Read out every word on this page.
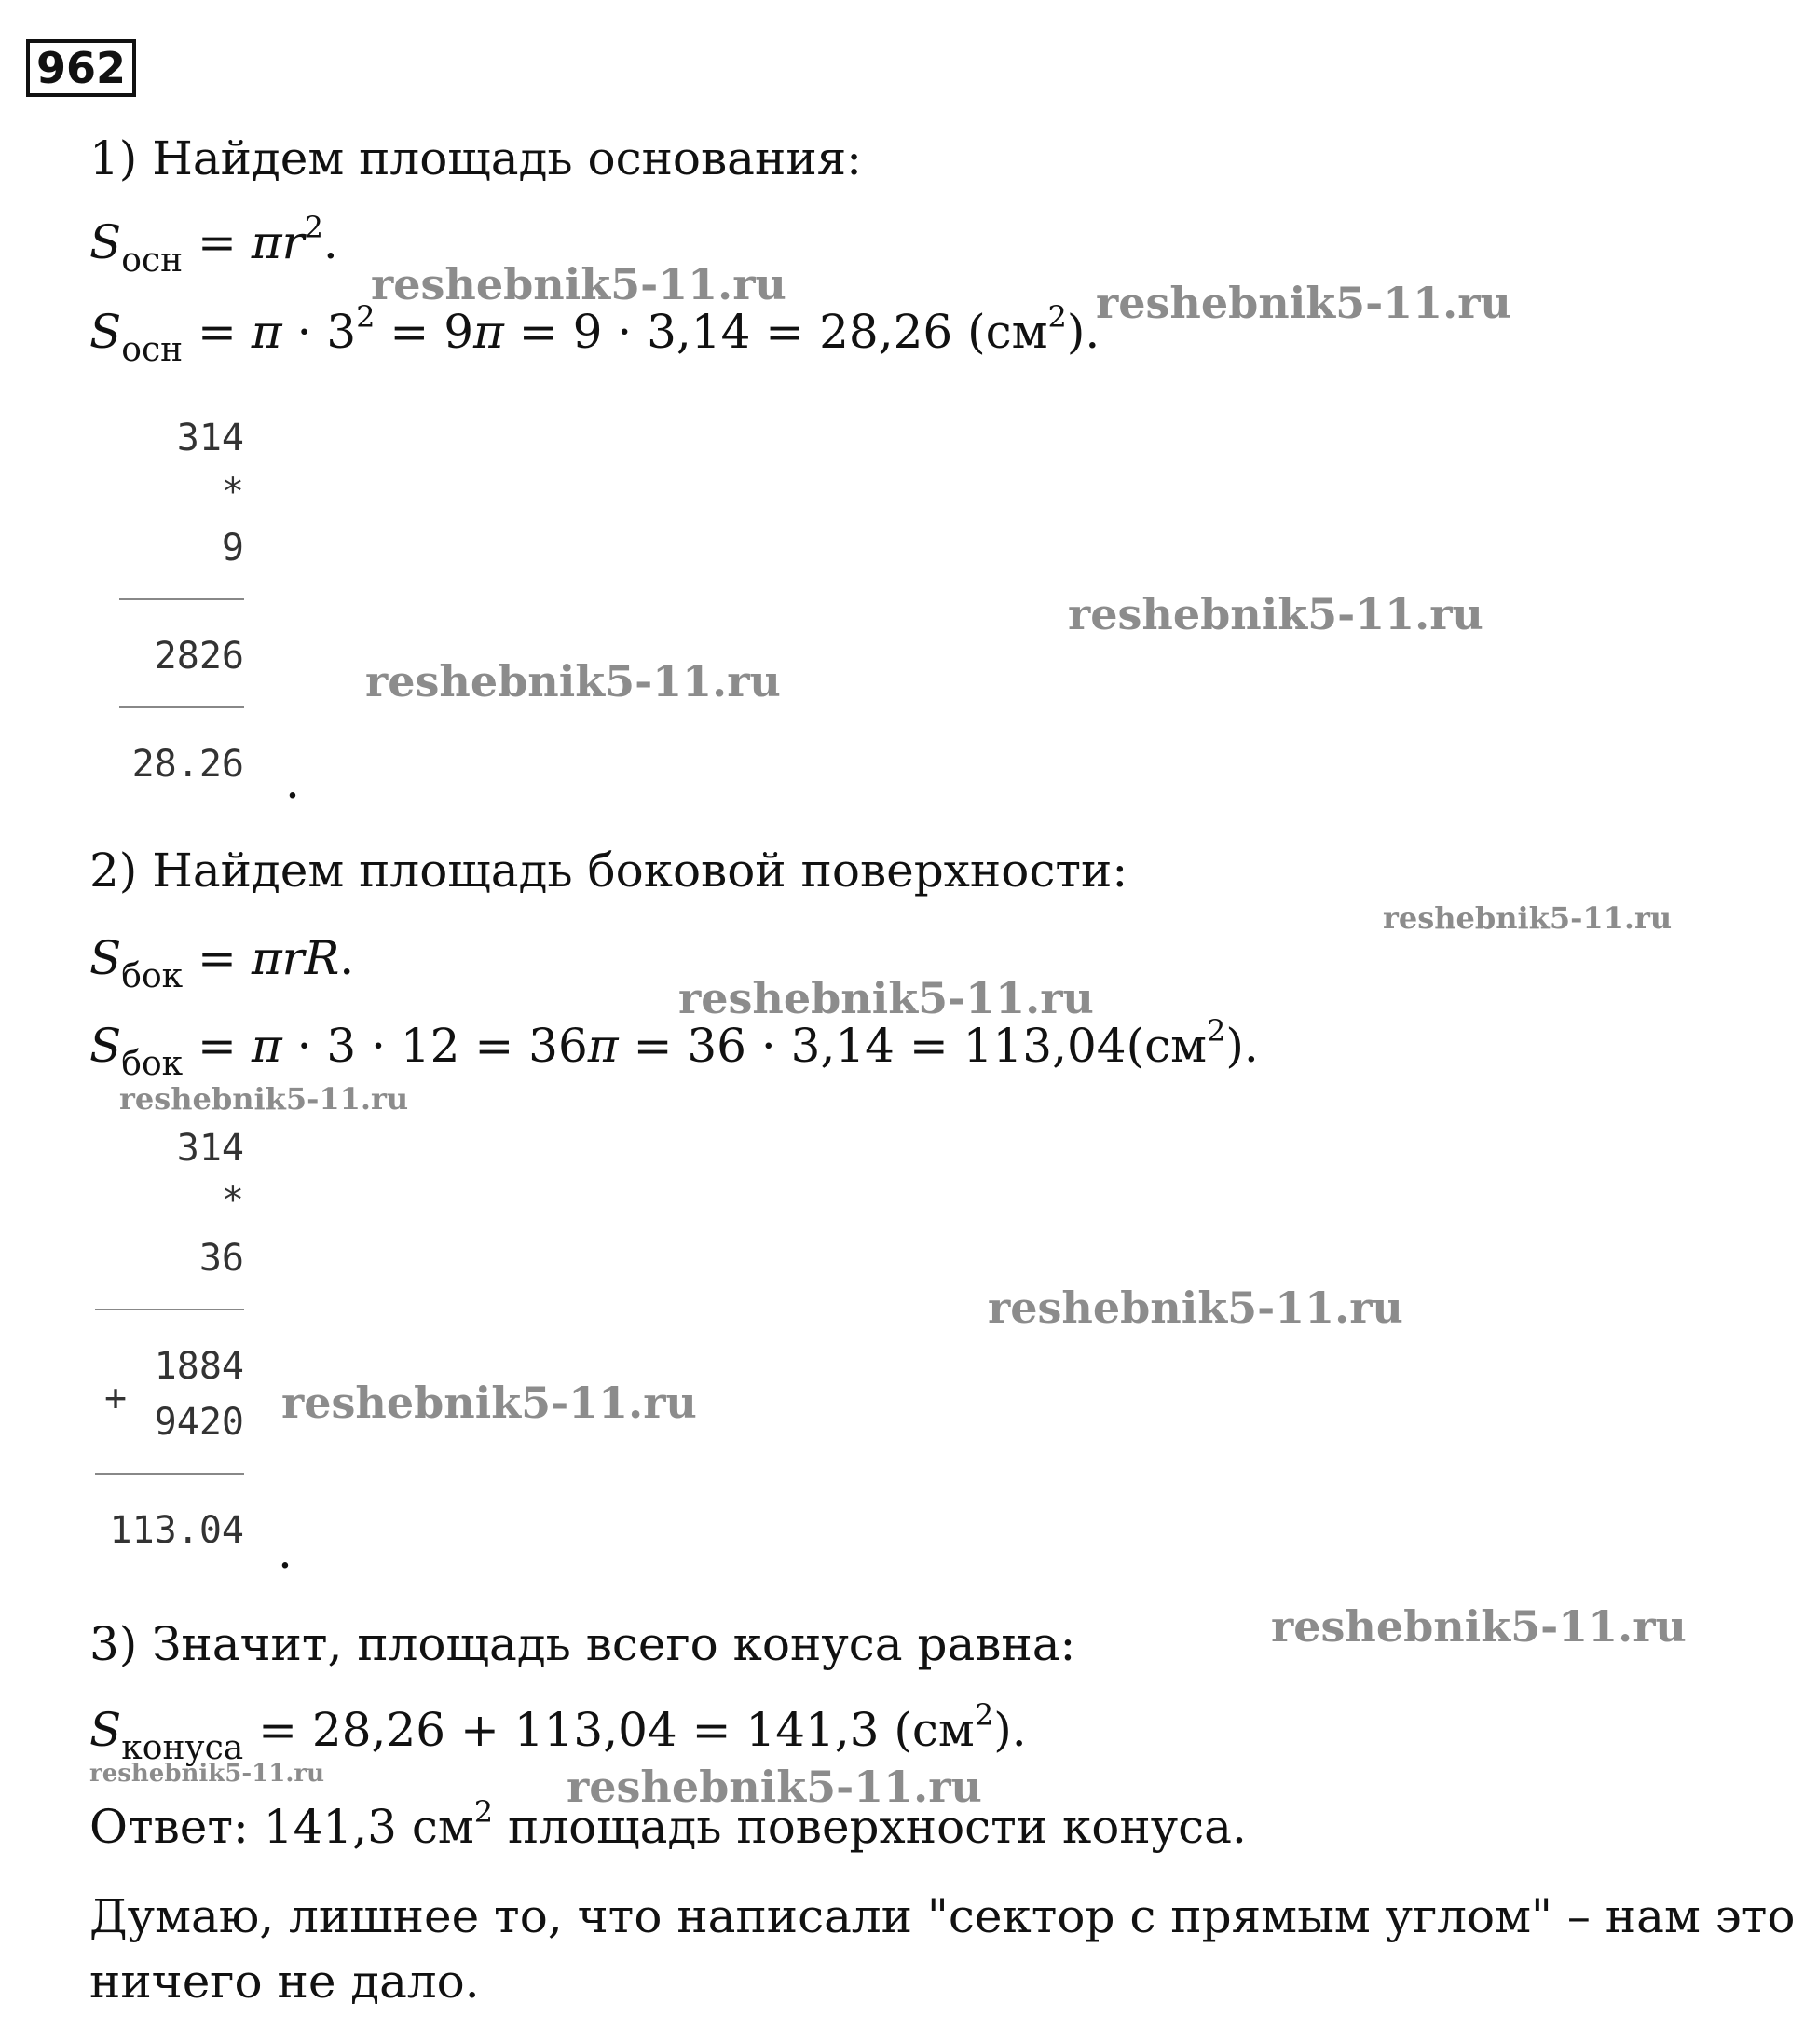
962
1) Найдем площадь основания:
$S_{осн} = \pi r^2$.
$S_{осн} = \pi \cdot 3^2 = 9\pi = 9 \cdot 3,14 = 28,26$ $(см^2)$.
314
*
9
2826
28.26 .
2) Найдем площадь боковой поверхности:
$S_{бок} = \pi rR$.
$S_{бок} = \pi \cdot 3 \cdot 12 = 36\pi = 36 \cdot 3,14 = 113,04(см^2)$.
314
*
36
1884
+
9420
113.04 .
3) Значит, площадь всего конуса равна:
$S_{конуса} = 28,26 + 113,04 = 141,3$ $(см^2)$.
Ответ: 141,3 $см^2$ площадь поверхности конуса.
Думаю, лишнее то, что написали "сектор с прямым углом" – нам это
ничего не дало.
reshebnik5-11.ru	reshebnik5-11.ru
reshebnik5-11.ru
reshebnik5-11.ru
reshebnik5-11.ru
reshebnik5-11.ru
reshebnik5-11.ru
reshebnik5-11.ru
reshebnik5-11.ru
reshebnik5-11.ru
reshebnik5-11.ru	reshebnik5-11.ru
